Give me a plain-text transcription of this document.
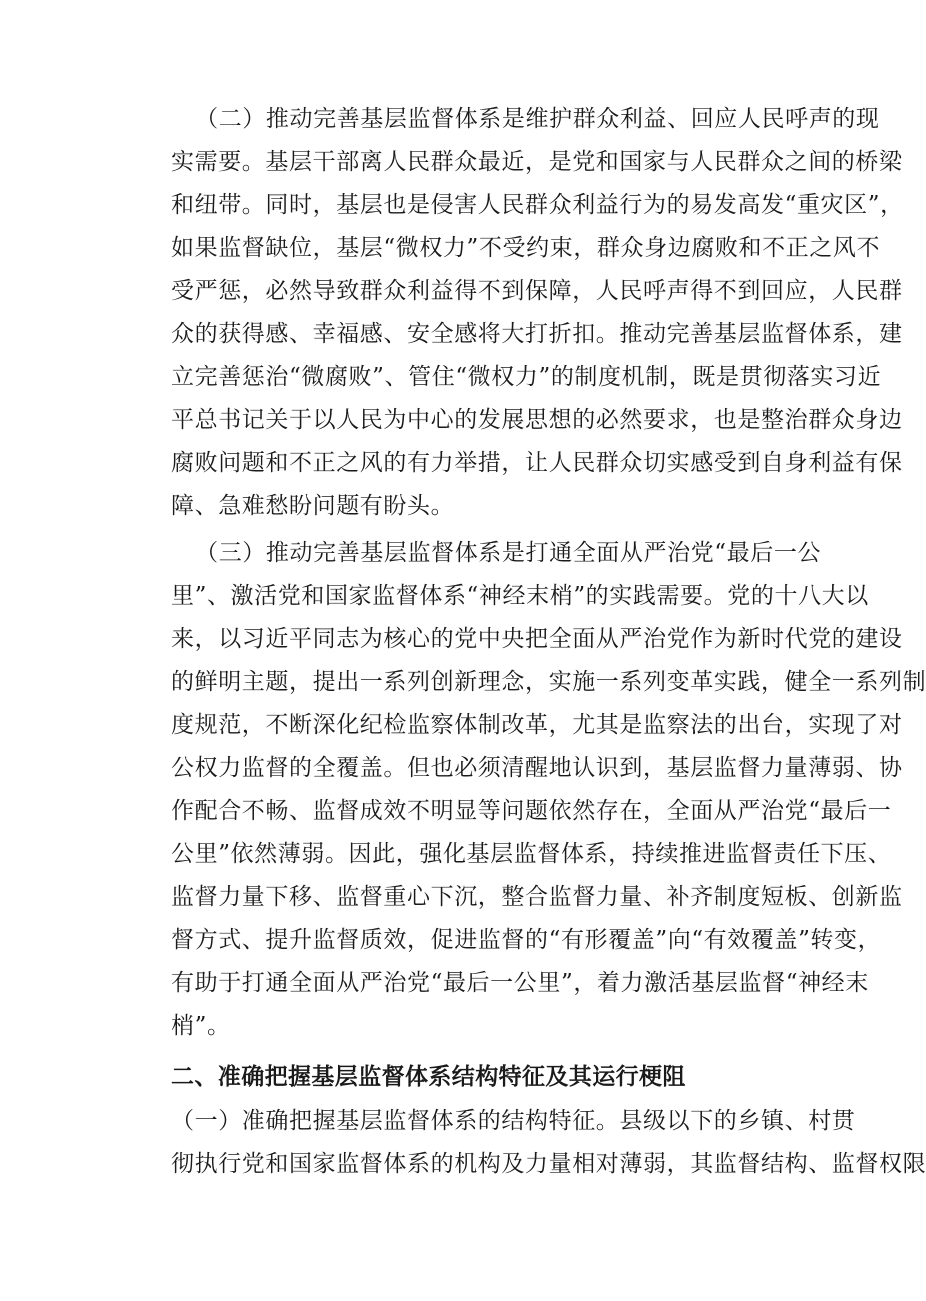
　（二）推动完善基层监督体系是维护群众利益、回应人民呼声的现
实需要。基层干部离人民群众最近，是党和国家与人民群众之间的桥梁
和纽带。同时，基层也是侵害人民群众利益行为的易发高发“重灾区”，
如果监督缺位，基层“微权力”不受约束，群众身边腐败和不正之风不
受严惩，必然导致群众利益得不到保障，人民呼声得不到回应，人民群
众的获得感、幸福感、安全感将大打折扣。推动完善基层监督体系，建
立完善惩治“微腐败”、管住“微权力”的制度机制，既是贯彻落实习近
平总书记关于以人民为中心的发展思想的必然要求，也是整治群众身边
腐败问题和不正之风的有力举措，让人民群众切实感受到自身利益有保
障、急难愁盼问题有盼头。
　（三）推动完善基层监督体系是打通全面从严治党“最后一公
里”、激活党和国家监督体系“神经末梢”的实践需要。党的十八大以
来，以习近平同志为核心的党中央把全面从严治党作为新时代党的建设
的鲜明主题，提出一系列创新理念，实施一系列变革实践，健全一系列制
度规范，不断深化纪检监察体制改革，尤其是监察法的出台，实现了对
公权力监督的全覆盖。但也必须清醒地认识到，基层监督力量薄弱、协
作配合不畅、监督成效不明显等问题依然存在，全面从严治党“最后一
公里”依然薄弱。因此，强化基层监督体系，持续推进监督责任下压、
监督力量下移、监督重心下沉，整合监督力量、补齐制度短板、创新监
督方式、提升监督质效，促进监督的“有形覆盖”向“有效覆盖”转变，
有助于打通全面从严治党“最后一公里”，着力激活基层监督“神经末
梢”。
二、准确把握基层监督体系结构特征及其运行梗阻
（一）准确把握基层监督体系的结构特征。县级以下的乡镇、村贯
彻执行党和国家监督体系的机构及力量相对薄弱，其监督结构、监督权限
